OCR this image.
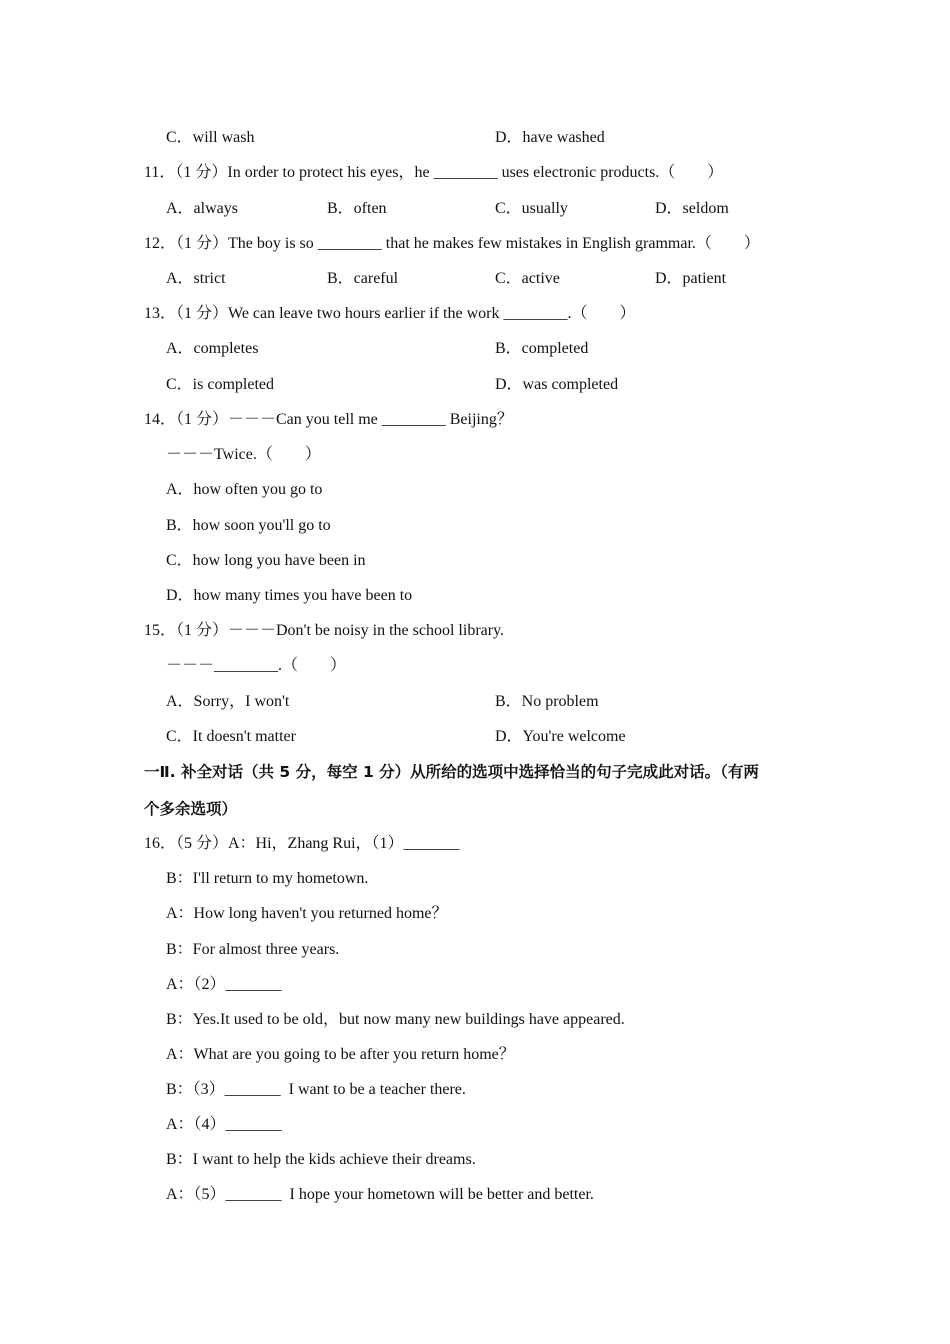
C．will wash	D．have washed
11．（1 分）In order to protect his eyes，he ________ uses electronic products.（　　）
A．always	B．often	C．usually	D．seldom
12．（1 分）The boy is so ________ that he makes few mistakes in English grammar.（　　）
A．strict	B．careful	C．active	D．patient
13．（1 分）We can leave two hours earlier if the work ________.（　　）
A．completes	B．completed
C．is completed	D．was completed
14．（1 分）－－－Can you tell me ________ Beijing？
－－－Twice.（　　）
A．how often you go to
B．how soon you'll go to
C．how long you have been in
D．how many times you have been to
15．（1 分）－－－Don't be noisy in the school library.
－－－________.（　　）
A．Sorry，I won't	B．No problem
C．It doesn't matter	D．You're welcome
一Ⅱ. 补全对话（共 5 分，每空 1 分）从所给的选项中选择恰当的句子完成此对话。（有两
个多余选项）
16．（5 分）A：Hi，Zhang Rui，（1）_______
B：I'll return to my hometown.
A：How long haven't you returned home？
B：For almost three years.
A：（2）_______
B：Yes.It used to be old，but now many new buildings have appeared.
A：What are you going to be after you return home？
B：（3）_______  I want to be a teacher there.
A：（4）_______
B：I want to help the kids achieve their dreams.
A：（5）_______  I hope your hometown will be better and better.
